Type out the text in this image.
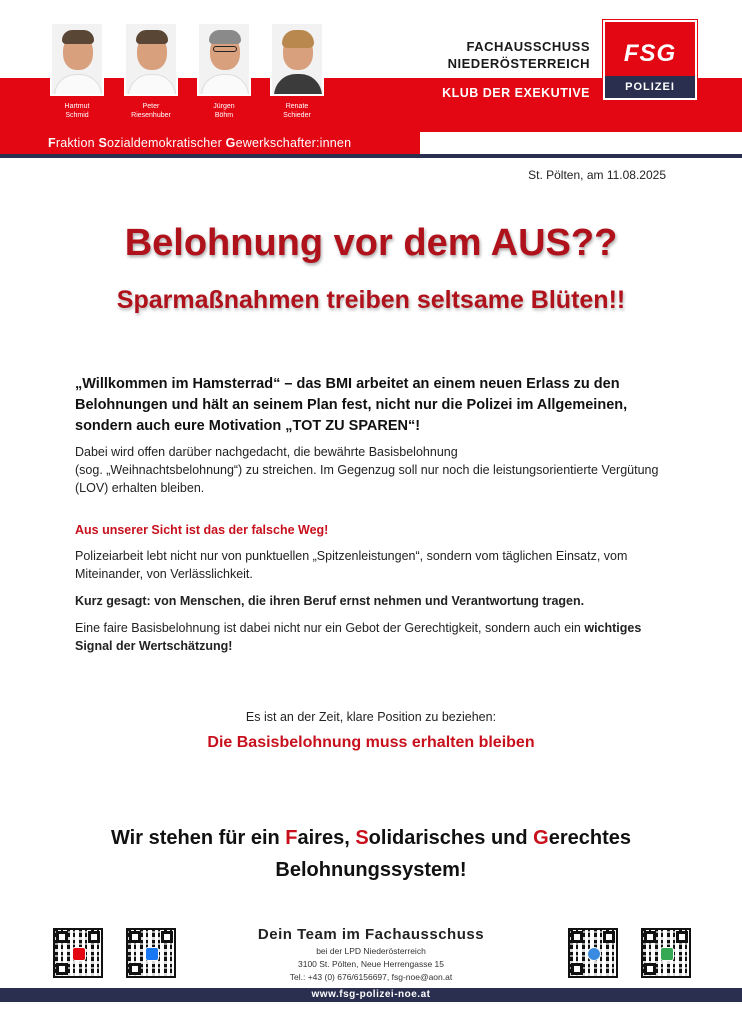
Hartmut
Schmid
Peter
Riesenhuber
Jürgen
Böhm
Renate
Schieder
FACHAUSSCHUSS
NIEDERÖSTERREICH
KLUB DER EXEKUTIVE
Fraktion Sozialdemokratischer Gewerkschafter:innen
FSG
POLIZEI
St. Pölten, am 11.08.2025
Belohnung vor dem AUS??
Sparmaßnahmen treiben seltsame Blüten!!

„Willkommen im Hamsterrad“ – das BMI arbeitet an einem neuen Erlass zu den Belohnungen und hält an seinem Plan fest, nicht nur die Polizei im Allgemeinen, sondern auch eure Motivation „TOT ZU SPAREN“!

Dabei wird offen darüber nachgedacht, die bewährte Basisbelohnung
(sog. „Weihnachtsbelohnung“) zu streichen. Im Gegenzug soll nur noch die leistungsorientierte Vergütung (LOV) erhalten bleiben.

Aus unserer Sicht ist das der falsche Weg!

Polizeiarbeit lebt nicht nur von punktuellen „Spitzenleistungen“, sondern vom täglichen Einsatz, vom Miteinander, von Verlässlichkeit.

Kurz gesagt: von Menschen, die ihren Beruf ernst nehmen und Verantwortung tragen.

Eine faire Basisbelohnung ist dabei nicht nur ein Gebot der Gerechtigkeit, sondern auch ein wichtiges Signal der Wertschätzung!

Es ist an der Zeit, klare Position zu beziehen:
Die Basisbelohnung muss erhalten bleiben
Wir stehen für ein Faires, Solidarisches und Gerechtes
Belohnungssystem!
Dein Team im Fachausschuss
bei der LPD Niederösterreich
3100 St. Pölten, Neue Herrengasse 15
Tel.: +43 (0) 676/6156697, fsg-noe@aon.at
www.fsg-polizei-noe.at
